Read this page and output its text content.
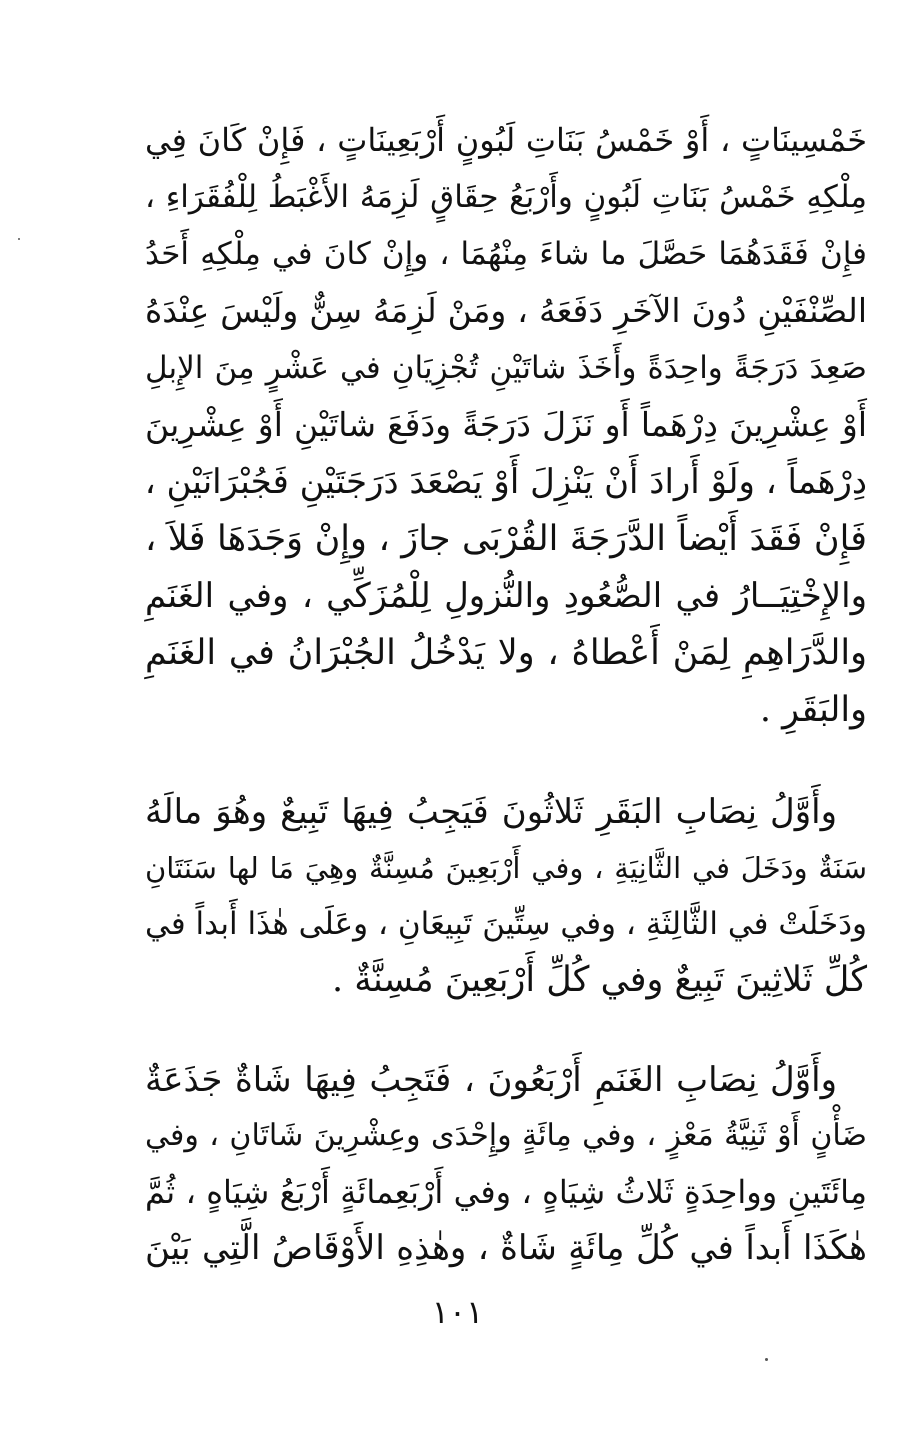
خَمْسِينَاتٍ ، أَوْ خَمْسُ بَنَاتِ لَبُونٍ أَرْبَعِينَاتٍ ، فَإِنْ كَانَ فِي
مِلْكِهِ خَمْسُ بَنَاتِ لَبُونٍ وأَرْبَعُ حِقَاقٍ لَزِمَهُ الأَغْبَطُ لِلْفُقَرَاءِ ،
فإِنْ فَقَدَهُمَا حَصَّلَ ما شاءَ مِنْهُمَا ، وإِنْ كانَ في مِلْكِهِ أَحَدُ
الصِّنْفَيْنِ دُونَ الآخَرِ دَفَعَهُ ، ومَنْ لَزِمَهُ سِنٌّ ولَيْسَ عِنْدَهُ
صَعِدَ دَرَجَةً واحِدَةً وأَخَذَ شاتَيْنِ تُجْزِيَانِ في عَشْرٍ مِنَ الإِبلِ
أَوْ عِشْرِينَ دِرْهَماً أَو نَزَلَ دَرَجَةً ودَفَعَ شاتَيْنِ أَوْ عِشْرِينَ
دِرْهَماً ، ولَوْ أَرادَ أَنْ يَنْزِلَ أَوْ يَصْعَدَ دَرَجَتَيْنِ فَجُبْرَانَيْنِ ،
فَإِنْ فَقَدَ أَيْضاً الدَّرَجَةَ القُرْبَى جازَ ، وإِنْ وَجَدَهَا فَلاَ ،
والإِخْتِيَــارُ في الصُّعُودِ والنُّزولِ لِلْمُزَكِّي ، وفي الغَنَمِ
والدَّرَاهِمِ لِمَنْ أَعْطاهُ ، ولا يَدْخُلُ الجُبْرَانُ في الغَنَمِ
والبَقَرِ .
وأَوَّلُ نِصَابِ البَقَرِ ثَلاثُونَ فَيَجِبُ فِيهَا تَبِيعٌ وهُوَ مالَهُ
سَنَةٌ ودَخَلَ في الثَّانِيَةِ ، وفي أَرْبَعِينَ مُسِنَّةٌ وهِيَ مَا لها سَنَتَانِ
ودَخَلَتْ في الثَّالِثَةِ ، وفي سِتِّينَ تَبِيعَانِ ، وعَلَى هٰذَا أَبداً في
كُلِّ ثَلاثِينَ تَبِيعٌ وفي كُلِّ أَرْبَعِينَ مُسِنَّةٌ .
وأَوَّلُ نِصَابِ الغَنَمِ أَرْبَعُونَ ، فَتَجِبُ فِيهَا شَاةٌ جَذَعَةٌ
ضَأْنٍ أَوْ ثَنِيَّةُ مَعْزٍ ، وفي مِائَةٍ وإِحْدَى وعِشْرِينَ شَاتَانِ ، وفي
مِائَتَينِ وواحِدَةٍ ثَلاثُ شِيَاهٍ ، وفي أَرْبَعِمائَةٍ أَرْبَعُ شِيَاهٍ ، ثُمَّ
هٰكَذَا أَبداً في كُلِّ مِائَةٍ شَاةٌ ، وهٰذِهِ الأَوْقَاصُ الَّتِي بَيْنَ
١٠١
